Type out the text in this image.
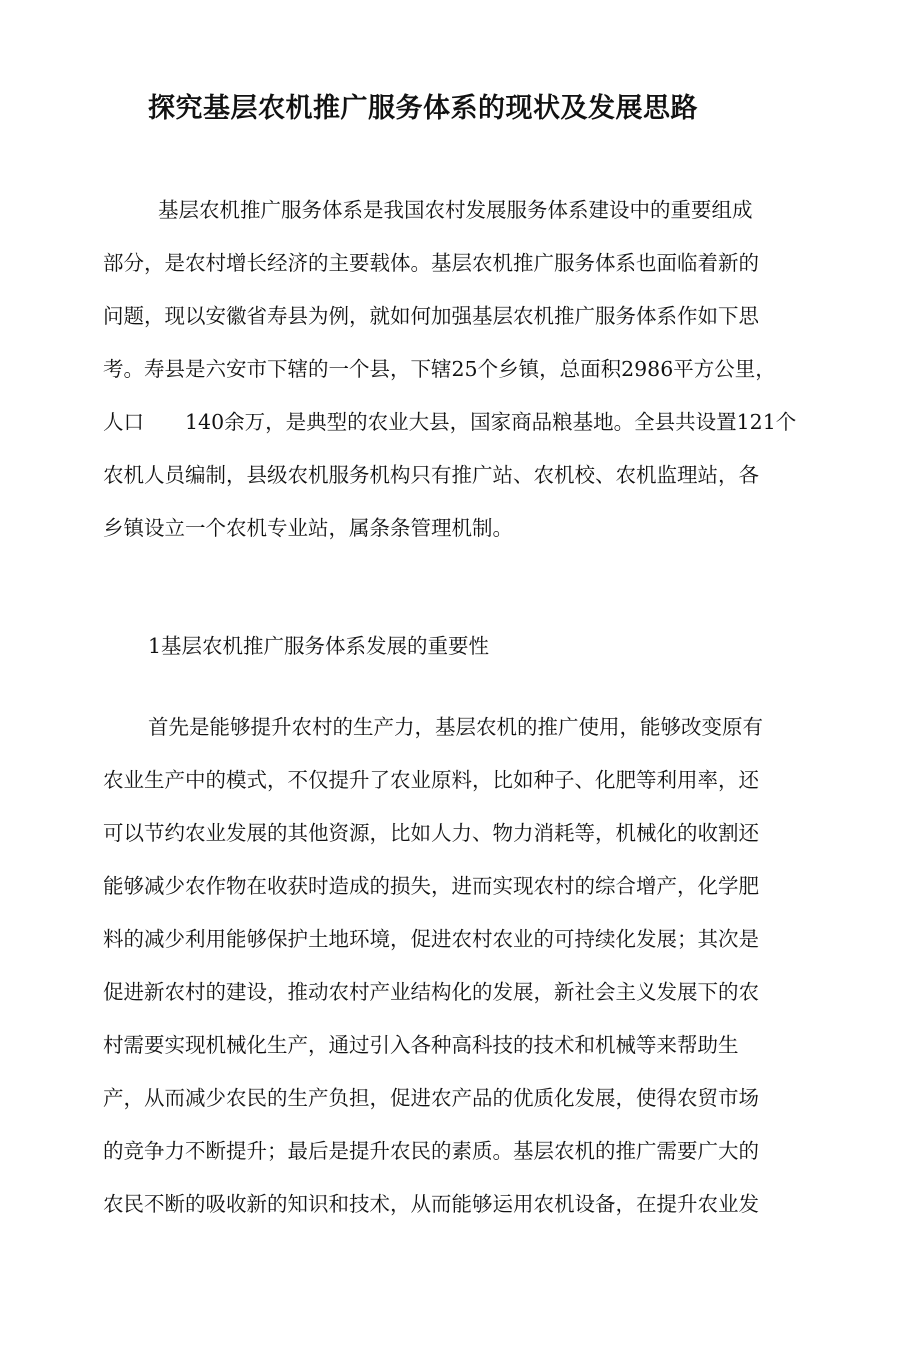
探究基层农机推广服务体系的现状及发展思路

基层农机推广服务体系是我国农村发展服务体系建设中的重要组成

部分，是农村增长经济的主要载体。基层农机推广服务体系也面临着新的

问题，现以安徽省寿县为例，就如何加强基层农机推广服务体系作如下思

考。寿县是六安市下辖的一个县，下辖25个乡镇，总面积2986平方公里，

人口　　140余万，是典型的农业大县，国家商品粮基地。全县共设置121个

农机人员编制，县级农机服务机构只有推广站、农机校、农机监理站，各

乡镇设立一个农机专业站，属条条管理机制。

1基层农机推广服务体系发展的重要性

首先是能够提升农村的生产力，基层农机的推广使用，能够改变原有

农业生产中的模式，不仅提升了农业原料，比如种子、化肥等利用率，还

可以节约农业发展的其他资源，比如人力、物力消耗等，机械化的收割还

能够减少农作物在收获时造成的损失，进而实现农村的综合增产，化学肥

料的减少利用能够保护土地环境，促进农村农业的可持续化发展；其次是

促进新农村的建设，推动农村产业结构化的发展，新社会主义发展下的农

村需要实现机械化生产，通过引入各种高科技的技术和机械等来帮助生

产，从而减少农民的生产负担，促进农产品的优质化发展，使得农贸市场

的竞争力不断提升；最后是提升农民的素质。基层农机的推广需要广大的

农民不断的吸收新的知识和技术，从而能够运用农机设备，在提升农业发
